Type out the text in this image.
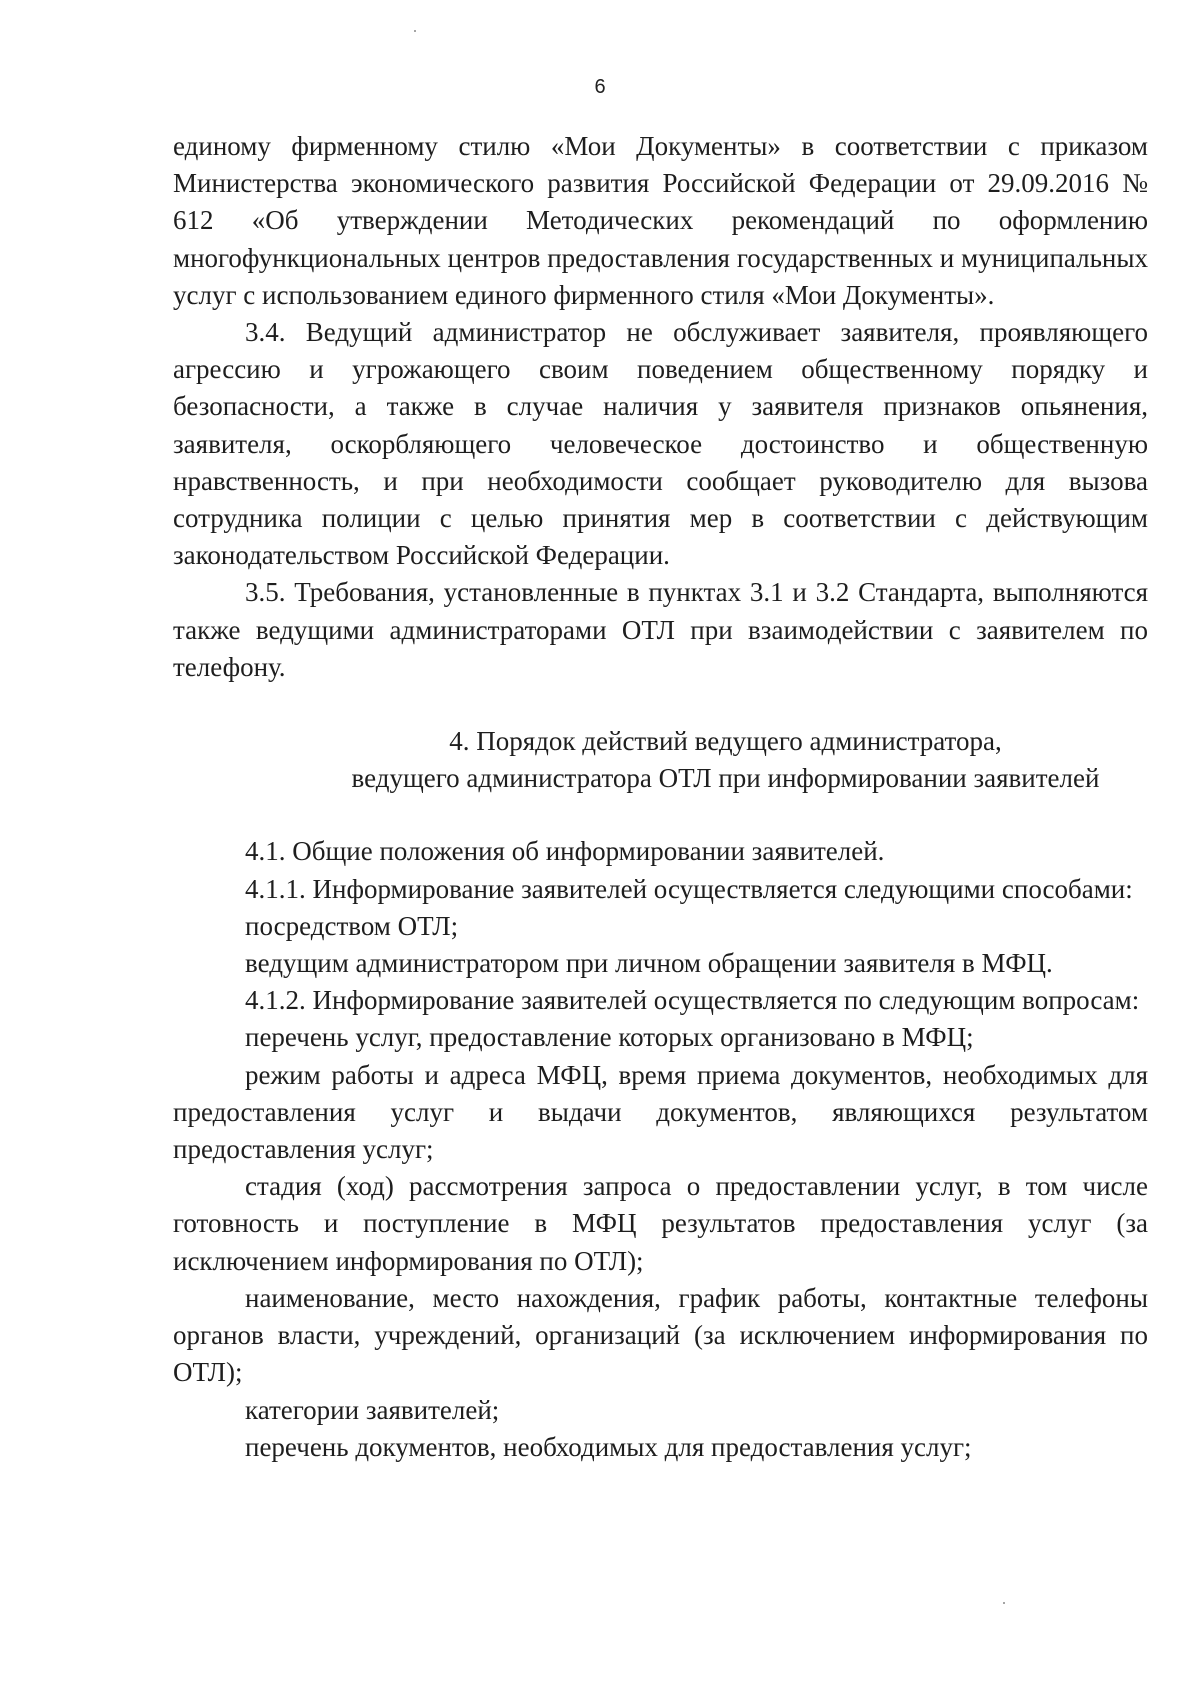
6

единому фирменному стилю «Мои Документы» в соответствии с приказом Министерства экономического развития Российской Федерации от 29.09.2016 № 612 «Об утверждении Методических рекомендаций по оформлению многофункциональных центров предоставления государственных и муниципальных услуг с использованием единого фирменного стиля «Мои Документы».

3.4. Ведущий администратор не обслуживает заявителя, проявляющего агрессию и угрожающего своим поведением общественному порядку и безопасности, а также в случае наличия у заявителя признаков опьянения, заявителя, оскорбляющего человеческое достоинство и общественную нравственность, и при необходимости сообщает руководителю для вызова сотрудника полиции с целью принятия мер в соответствии с действующим законодательством Российской Федерации.

3.5. Требования, установленные в пунктах 3.1 и 3.2 Стандарта, выполняются также ведущими администраторами ОТЛ при взаимодействии с заявителем по телефону.

4. Порядок действий ведущего администратора,
ведущего администратора ОТЛ при информировании заявителей

4.1. Общие положения об информировании заявителей.

4.1.1. Информирование заявителей осуществляется следующими способами:

посредством ОТЛ;

ведущим администратором при личном обращении заявителя в МФЦ.

4.1.2. Информирование заявителей осуществляется по следующим вопросам:

перечень услуг, предоставление которых организовано в МФЦ;

режим работы и адреса МФЦ, время приема документов, необходимых для предоставления услуг и выдачи документов, являющихся результатом предоставления услуг;

стадия (ход) рассмотрения запроса о предоставлении услуг, в том числе готовность и поступление в МФЦ результатов предоставления услуг (за исключением информирования по ОТЛ);

наименование, место нахождения, график работы, контактные телефоны органов власти, учреждений, организаций (за исключением информирования по ОТЛ);

категории заявителей;

перечень документов, необходимых для предоставления услуг;
